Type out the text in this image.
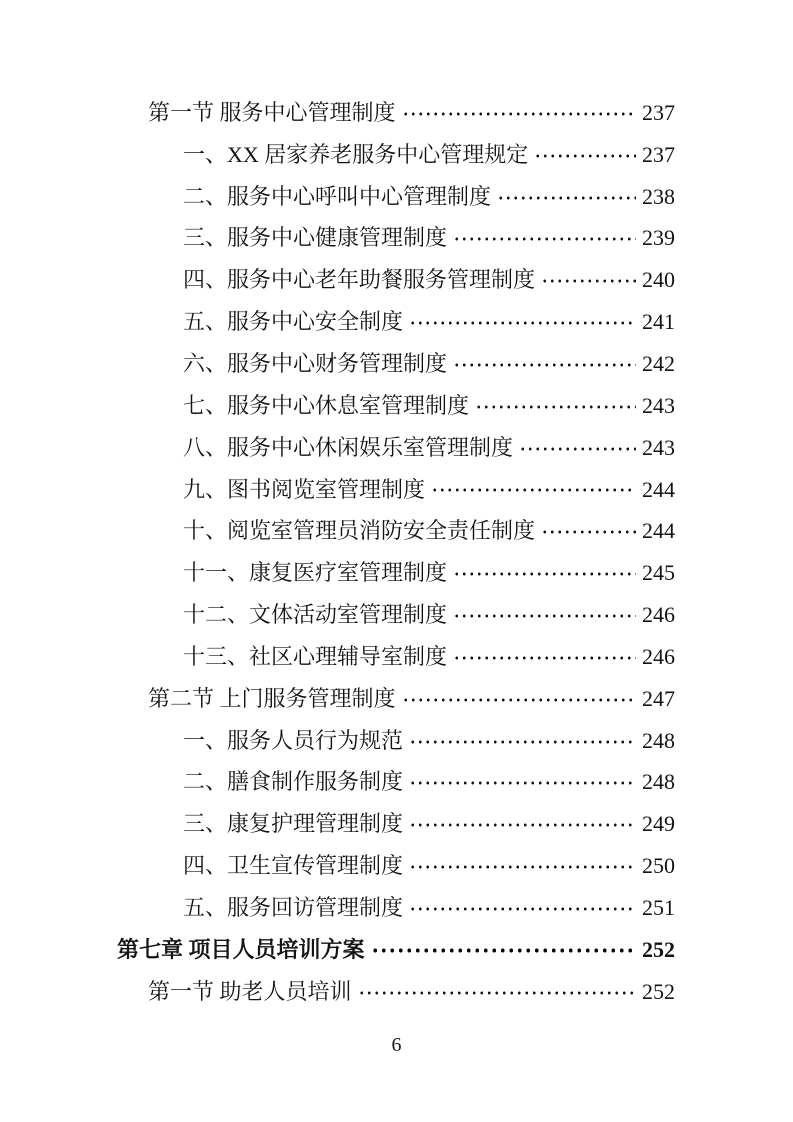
第一节 服务中心管理制度	237
一、XX 居家养老服务中心管理规定	237
二、服务中心呼叫中心管理制度	238
三、服务中心健康管理制度	239
四、服务中心老年助餐服务管理制度	240
五、服务中心安全制度	241
六、服务中心财务管理制度	242
七、服务中心休息室管理制度	243
八、服务中心休闲娱乐室管理制度	243
九、图书阅览室管理制度	244
十、阅览室管理员消防安全责任制度	244
十一、康复医疗室管理制度	245
十二、文体活动室管理制度	246
十三、社区心理辅导室制度	246
第二节 上门服务管理制度	247
一、服务人员行为规范	248
二、膳食制作服务制度	248
三、康复护理管理制度	249
四、卫生宣传管理制度	250
五、服务回访管理制度	251
第七章 项目人员培训方案	252
第一节 助老人员培训	252
6
